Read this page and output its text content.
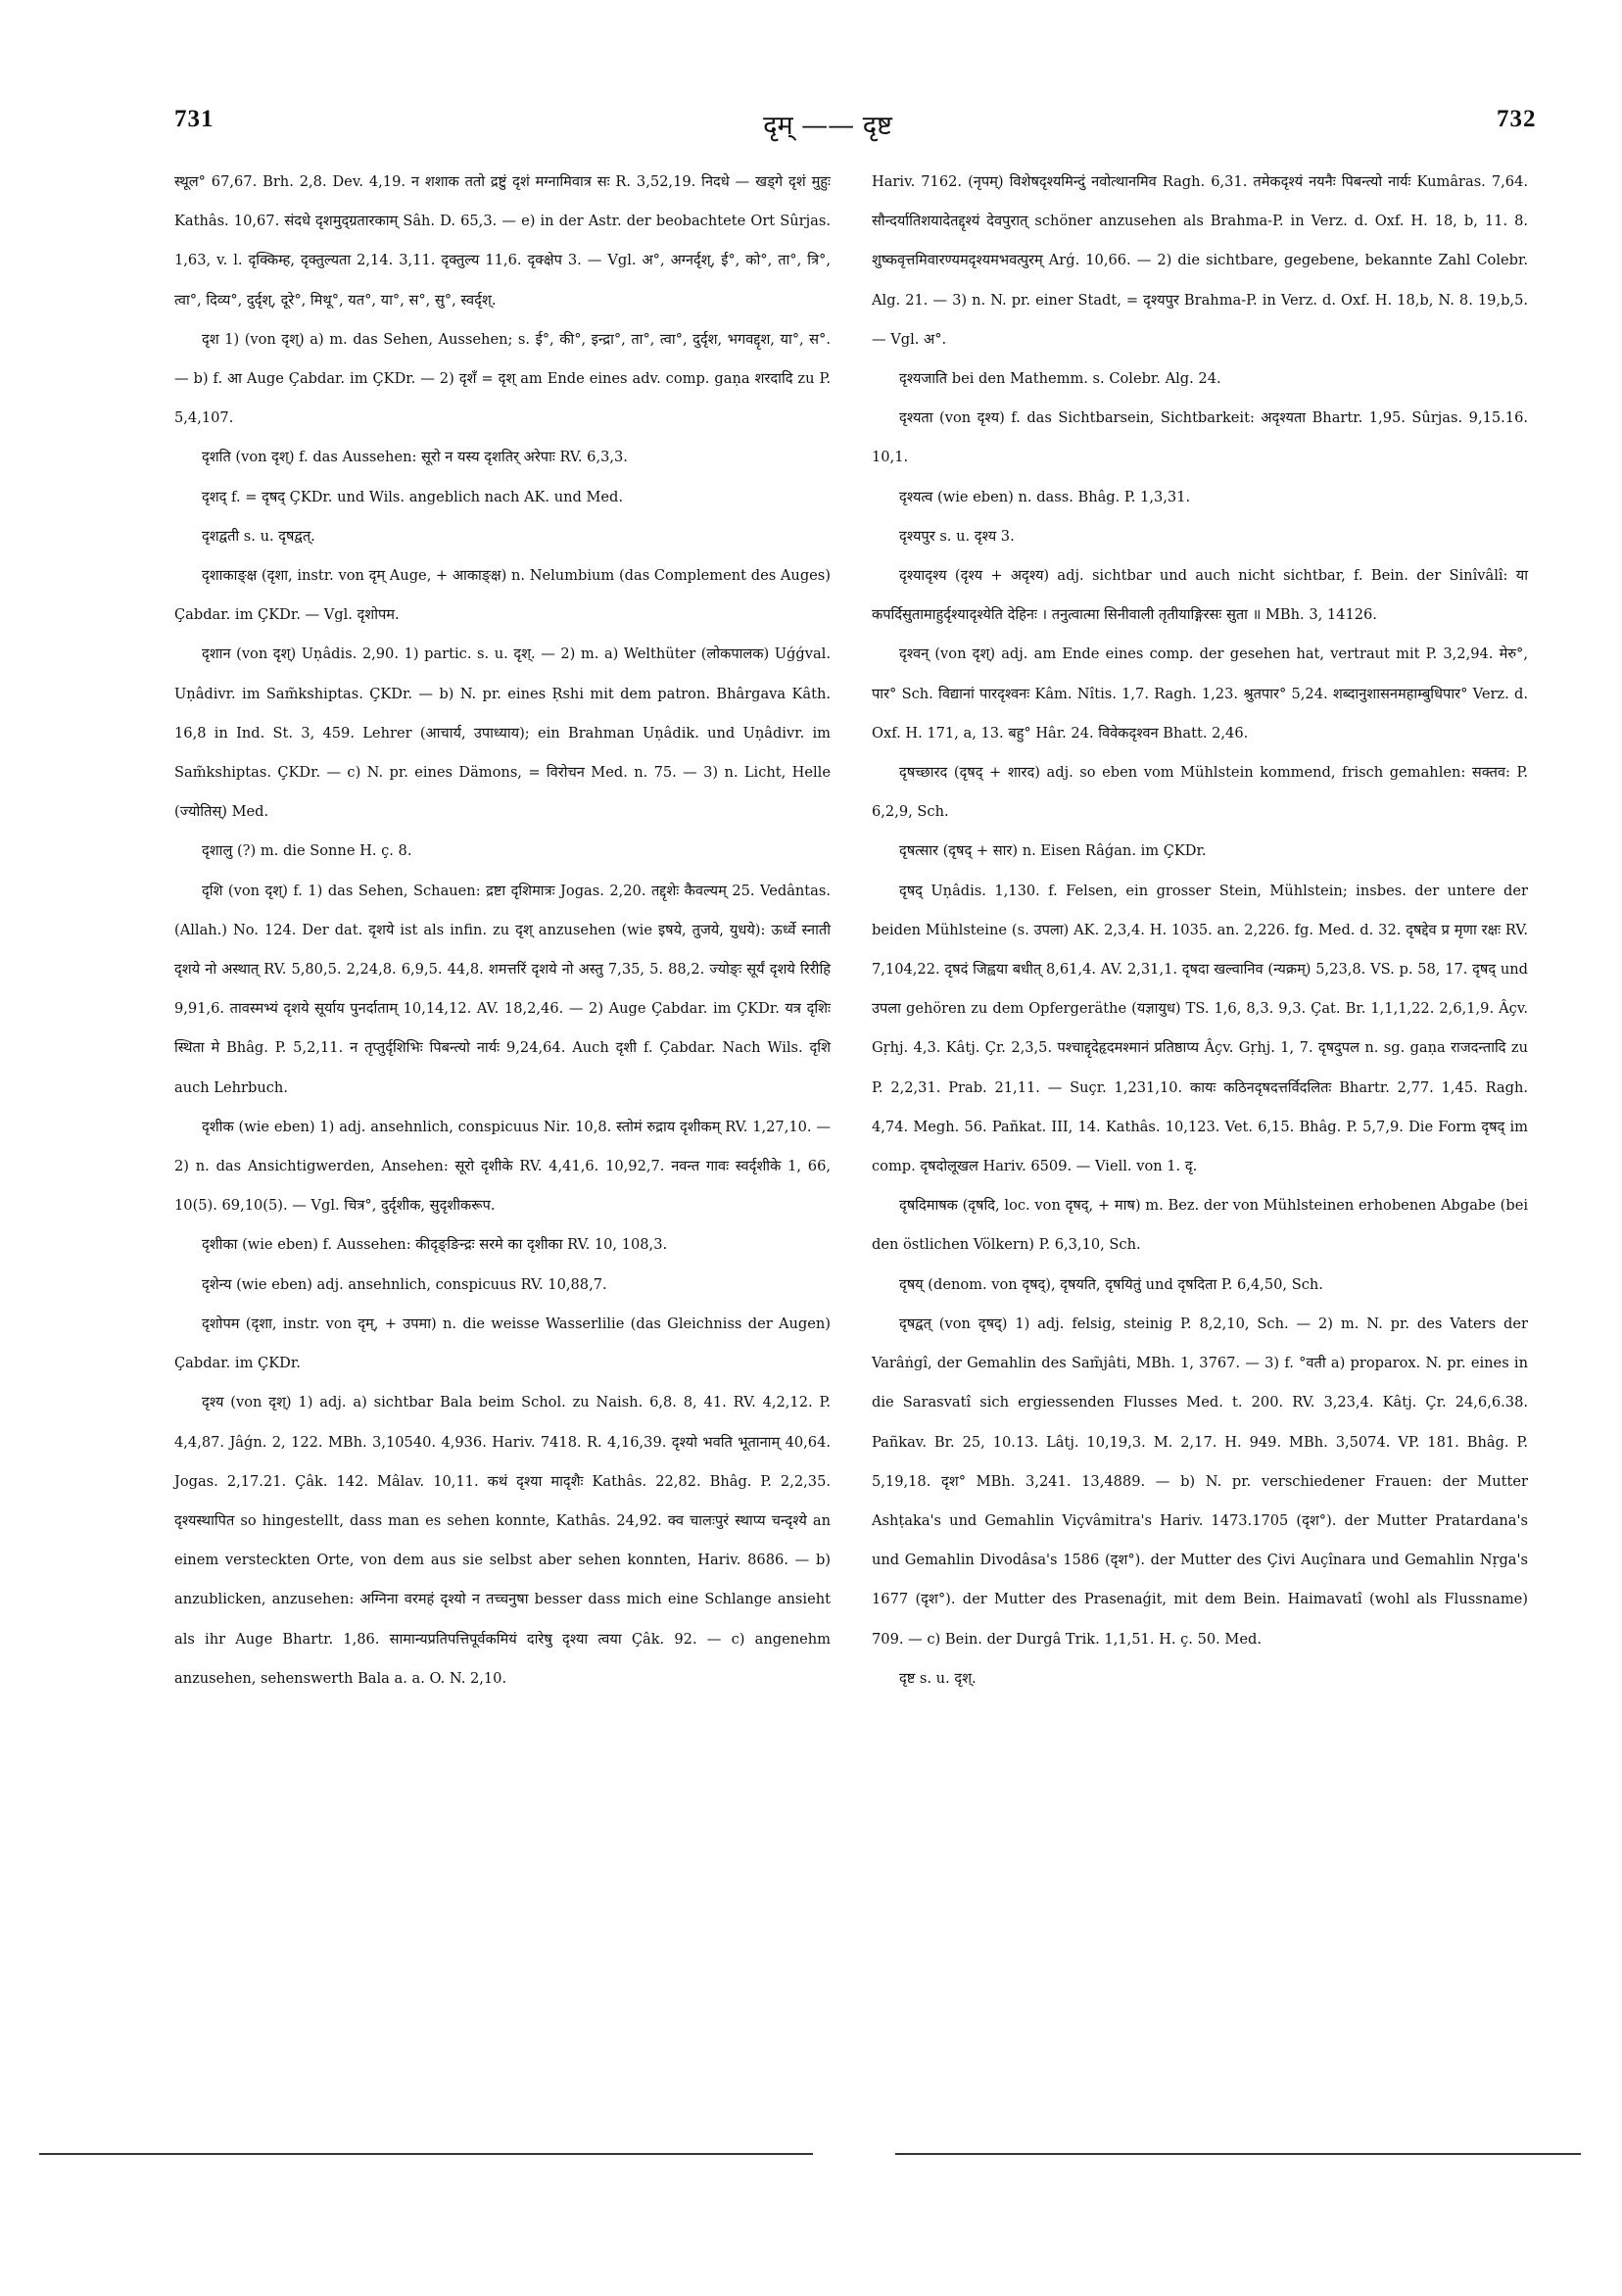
731	दृम् —— दृष्ट	732

स्थूल° 67,67. Brh. 2,8. Dev. 4,19. न शशाक ततो द्रष्टुं दृशं मग्नामिवात्र सः R. 3,52,19. निदधे — खड्गे दृशं मुहुः Kathâs. 10,67. संदधे दृशमुद्ग्रतारकाम् Sâh. D. 65,3. — e) in der Astr. der beobachtete Ort Sûrjas. 1,63, v. l. दृक्किम्ह, दृक्तुल्यता 2,14. 3,11. दृक्तुल्य 11,6. दृक्क्षेप 3. — Vgl. अ°, अग्नर्दृश्, ई°, को°, ता°, त्रि°, त्वा°, दिव्य°, दुर्दृश्, दूरे°, मिथू°, यत°, या°, स°, सु°, स्वर्दृश्.

दृश 1) (von दृश्) a) m. das Sehen, Aussehen; s. ई°, की°, इन्द्रा°, ता°, त्वा°, दुर्दृश, भगवद्दृश, या°, स°. — b) f. आ Auge Çabdar. im ÇKDr. — 2) दृशँ = दृश् am Ende eines adv. comp. gaṇa शरदादि zu P. 5,4,107.

दृशति (von दृश्) f. das Aussehen: सूरो न यस्य दृशतिर् अरेपाः RV. 6,3,3.

दृशद् f. = दृषद् ÇKDr. und Wils. angeblich nach AK. und Med.

दृशद्वती s. u. दृषद्वत्.

दृशाकाङ्क्ष (दृशा, instr. von दृम् Auge, + आकाङ्क्ष) n. Nelumbium (das Complement des Auges) Çabdar. im ÇKDr. — Vgl. दृशोपम.

दृशान (von दृश्) Uṇâdis. 2,90. 1) partic. s. u. दृश्. — 2) m. a) Welthüter (लोकपालक) Uǵǵval. Uṇâdivr. im Sam̃kshiptas. ÇKDr. — b) N. pr. eines Ṛshi mit dem patron. Bhârgava Kâth. 16,8 in Ind. St. 3, 459. Lehrer (आचार्य, उपाध्याय); ein Brahman Uṇâdik. und Uṇâdivr. im Sam̃kshiptas. ÇKDr. — c) N. pr. eines Dämons, = विरोचन Med. n. 75. — 3) n. Licht, Helle (ज्योतिस्) Med.

दृशालु (?) m. die Sonne H. ç. 8.

दृशि (von दृश्) f. 1) das Sehen, Schauen: द्रष्टा दृशिमात्रः Jogas. 2,20. तद्दृशेः कैवल्यम् 25. Vedântas. (Allah.) No. 124. Der dat. दृशये ist als infin. zu दृश् anzusehen (wie इषये, तुजये, युधये): ऊर्ध्वे स्नाती दृशये नो अस्थात् RV. 5,80,5. 2,24,8. 6,9,5. 44,8. शमत्तरिं दृशये नो अस्तु 7,35, 5. 88,2. ज्योङ्ः सूर्यं दृशये रिरीहि 9,91,6. तावस्मभ्यं दृशये सूर्याय पुनर्दाताम् 10,14,12. AV. 18,2,46. — 2) Auge Çabdar. im ÇKDr. यत्र दृशिः स्थिता मे Bhâg. P. 5,2,11. न तृप्तुर्दृशिभिः पिबन्त्यो नार्यः 9,24,64. Auch दृशी f. Çabdar. Nach Wils. दृशि auch Lehrbuch.

दृशीक (wie eben) 1) adj. ansehnlich, conspicuus Nir. 10,8. स्तोमं रुद्राय दृशीकम् RV. 1,27,10. — 2) n. das Ansichtigwerden, Ansehen: सूरो दृशीके RV. 4,41,6. 10,92,7. नवन्त गावः स्वर्दृशीके 1, 66, 10(5). 69,10(5). — Vgl. चित्र°, दुर्दृशीक, सुदृशीकरूप.

दृशीका (wie eben) f. Aussehen: कीदृङ्ङिन्द्रः सरमे का दृशीका RV. 10, 108,3.

दृशेन्य (wie eben) adj. ansehnlich, conspicuus RV. 10,88,7.

दृशोपम (दृशा, instr. von दृम्, + उपमा) n. die weisse Wasserlilie (das Gleichniss der Augen) Çabdar. im ÇKDr.

दृश्य (von दृश्) 1) adj. a) sichtbar Bala beim Schol. zu Naish. 6,8. 8, 41. RV. 4,2,12. P. 4,4,87. Jâǵn. 2, 122. MBh. 3,10540. 4,936. Hariv. 7418. R. 4,16,39. दृश्यो भवति भूतानाम् 40,64. Jogas. 2,17.21. Çâk. 142. Mâlav. 10,11. कथं दृश्या मादृशैः Kathâs. 22,82. Bhâg. P. 2,2,35. दृश्यस्थापित so hingestellt, dass man es sehen konnte, Kathâs. 24,92. क्व चालःपुरं स्थाप्य चन्दृश्ये an einem versteckten Orte, von dem aus sie selbst aber sehen konnten, Hariv. 8686. — b) anzublicken, anzusehen: अग्निना वरमहं दृश्यो न तच्चनुषा besser dass mich eine Schlange ansieht als ihr Auge Bhartr. 1,86. सामान्यप्रतिपत्तिपूर्वकमियं दारेषु दृश्या त्वया Çâk. 92. — c) angenehm anzusehen, sehenswerth Bala a. a. O. N. 2,10.

Hariv. 7162. (नृपम्) विशेषदृश्यमिन्दुं नवोत्थानमिव Ragh. 6,31. तमेकदृश्यं नयनैः पिबन्त्यो नार्यः Kumâras. 7,64. सौन्दर्यातिशयादेतद्दृश्यं देवपुरात् schöner anzusehen als Brahma-P. in Verz. d. Oxf. H. 18, b, 11. 8. शुष्कवृत्तमिवारण्यमदृश्यमभवत्पुरम् Arǵ. 10,66. — 2) die sichtbare, gegebene, bekannte Zahl Colebr. Alg. 21. — 3) n. N. pr. einer Stadt, = दृश्यपुर Brahma-P. in Verz. d. Oxf. H. 18,b, N. 8. 19,b,5. — Vgl. अ°.

दृश्यजाति bei den Mathemm. s. Colebr. Alg. 24.

दृश्यता (von दृश्य) f. das Sichtbarsein, Sichtbarkeit: अदृश्यता Bhartr. 1,95. Sûrjas. 9,15.16. 10,1.

दृश्यत्व (wie eben) n. dass. Bhâg. P. 1,3,31.

दृश्यपुर s. u. दृश्य 3.

दृश्यादृश्य (दृश्य + अदृश्य) adj. sichtbar und auch nicht sichtbar, f. Bein. der Sinîvâlî: या कपर्दिसुतामाहुर्दृश्यादृश्येति देहिनः । तनुत्वात्मा सिनीवाली तृतीयाङ्गिरसः सुता ॥ MBh. 3, 14126.

दृश्वन् (von दृश्) adj. am Ende eines comp. der gesehen hat, vertraut mit P. 3,2,94. मेरु°, पार° Sch. विद्यानां पारदृश्वनः Kâm. Nîtis. 1,7. Ragh. 1,23. श्रुतपार° 5,24. शब्दानुशासनमहाम्बुधिपार° Verz. d. Oxf. H. 171, a, 13. बहु° Hâr. 24. विवेकदृश्वन Bhatt. 2,46.

दृषच्छारद (दृषद् + शारद) adj. so eben vom Mühlstein kommend, frisch gemahlen: सक्तव: P. 6,2,9, Sch.

दृषत्सार (दृषद् + सार) n. Eisen Râǵan. im ÇKDr.

दृषद् Uṇâdis. 1,130. f. Felsen, ein grosser Stein, Mühlstein; insbes. der untere der beiden Mühlsteine (s. उपला) AK. 2,3,4. H. 1035. an. 2,226. fg. Med. d. 32. दृषद्देव प्र मृणा रक्षः RV. 7,104,22. दृषदं जिह्वया बधीत् 8,61,4. AV. 2,31,1. दृषदा खल्वानिव (न्यक्रम्) 5,23,8. VS. p. 58, 17. दृषद् und उपला gehören zu dem Opfergeräthe (यज्ञायुध) TS. 1,6, 8,3. 9,3. Çat. Br. 1,1,1,22. 2,6,1,9. Âçv. Gṛhj. 4,3. Kâtj. Çr. 2,3,5. पश्चाद्दृदेहृदमश्मानं प्रतिष्ठाप्य Âçv. Gṛhj. 1, 7. दृषदुपल n. sg. gaṇa राजदन्तादि zu P. 2,2,31. Prab. 21,11. — Suçr. 1,231,10. कायः कठिनदृषदत्तर्विदलितः Bhartr. 2,77. 1,45. Ragh. 4,74. Megh. 56. Pañkat. III, 14. Kathâs. 10,123. Vet. 6,15. Bhâg. P. 5,7,9. Die Form दृषद् im comp. दृषदोलूखल Hariv. 6509. — Viell. von 1. दृ.

दृषदिमाषक (दृषदि, loc. von दृषद्, + माष) m. Bez. der von Mühlsteinen erhobenen Abgabe (bei den östlichen Völkern) P. 6,3,10, Sch.

दृषय् (denom. von दृषद्), दृषयति, दृषयितुं und दृषदिता P. 6,4,50, Sch.

दृषद्वत् (von दृषद्) 1) adj. felsig, steinig P. 8,2,10, Sch. — 2) m. N. pr. des Vaters der Varâṅgî, der Gemahlin des Sam̃jâti, MBh. 1, 3767. — 3) f. °वती a) proparox. N. pr. eines in die Sarasvatî sich ergiessenden Flusses Med. t. 200. RV. 3,23,4. Kâtj. Çr. 24,6,6.38. Pañkav. Br. 25, 10.13. Lâtj. 10,19,3. M. 2,17. H. 949. MBh. 3,5074. VP. 181. Bhâg. P. 5,19,18. दृश° MBh. 3,241. 13,4889. — b) N. pr. verschiedener Frauen: der Mutter Ashṭaka's und Gemahlin Viçvâmitra's Hariv. 1473.1705 (दृश°). der Mutter Pratardana's und Gemahlin Divodâsa's 1586 (दृश°). der Mutter des Çivi Auçînara und Gemahlin Nṛga's 1677 (दृश°). der Mutter des Prasenaǵit, mit dem Bein. Haimavatî (wohl als Flussname) 709. — c) Bein. der Durgâ Trik. 1,1,51. H. ç. 50. Med.

दृष्ट s. u. दृश्.
